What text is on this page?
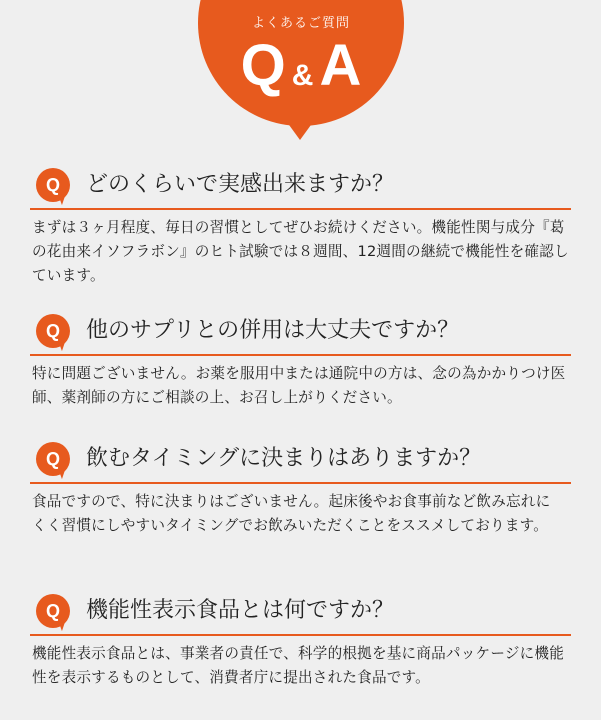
よくあるご質問
Q & A
Q	どのくらいで実感出来ますか？
まずは３ヶ月程度、毎日の習慣としてぜひお続けください。機能性関与成分『葛の花由来イソフラボン』のヒト試験では８週間、12週間の継続で機能性を確認しています。
Q	他のサプリとの併用は大丈夫ですか？
特に問題ございません。お薬を服用中または通院中の方は、念の為かかりつけ医師、薬剤師の方にご相談の上、お召し上がりください。
Q	飲むタイミングに決まりはありますか？
食品ですので、特に決まりはございません。起床後やお食事前など飲み忘れに　くく習慣にしやすいタイミングでお飲みいただくことをススメしております。
Q	機能性表示食品とは何ですか？
機能性表示食品とは、事業者の責任で、科学的根拠を基に商品パッケージに機能性を表示するものとして、消費者庁に提出された食品です。
